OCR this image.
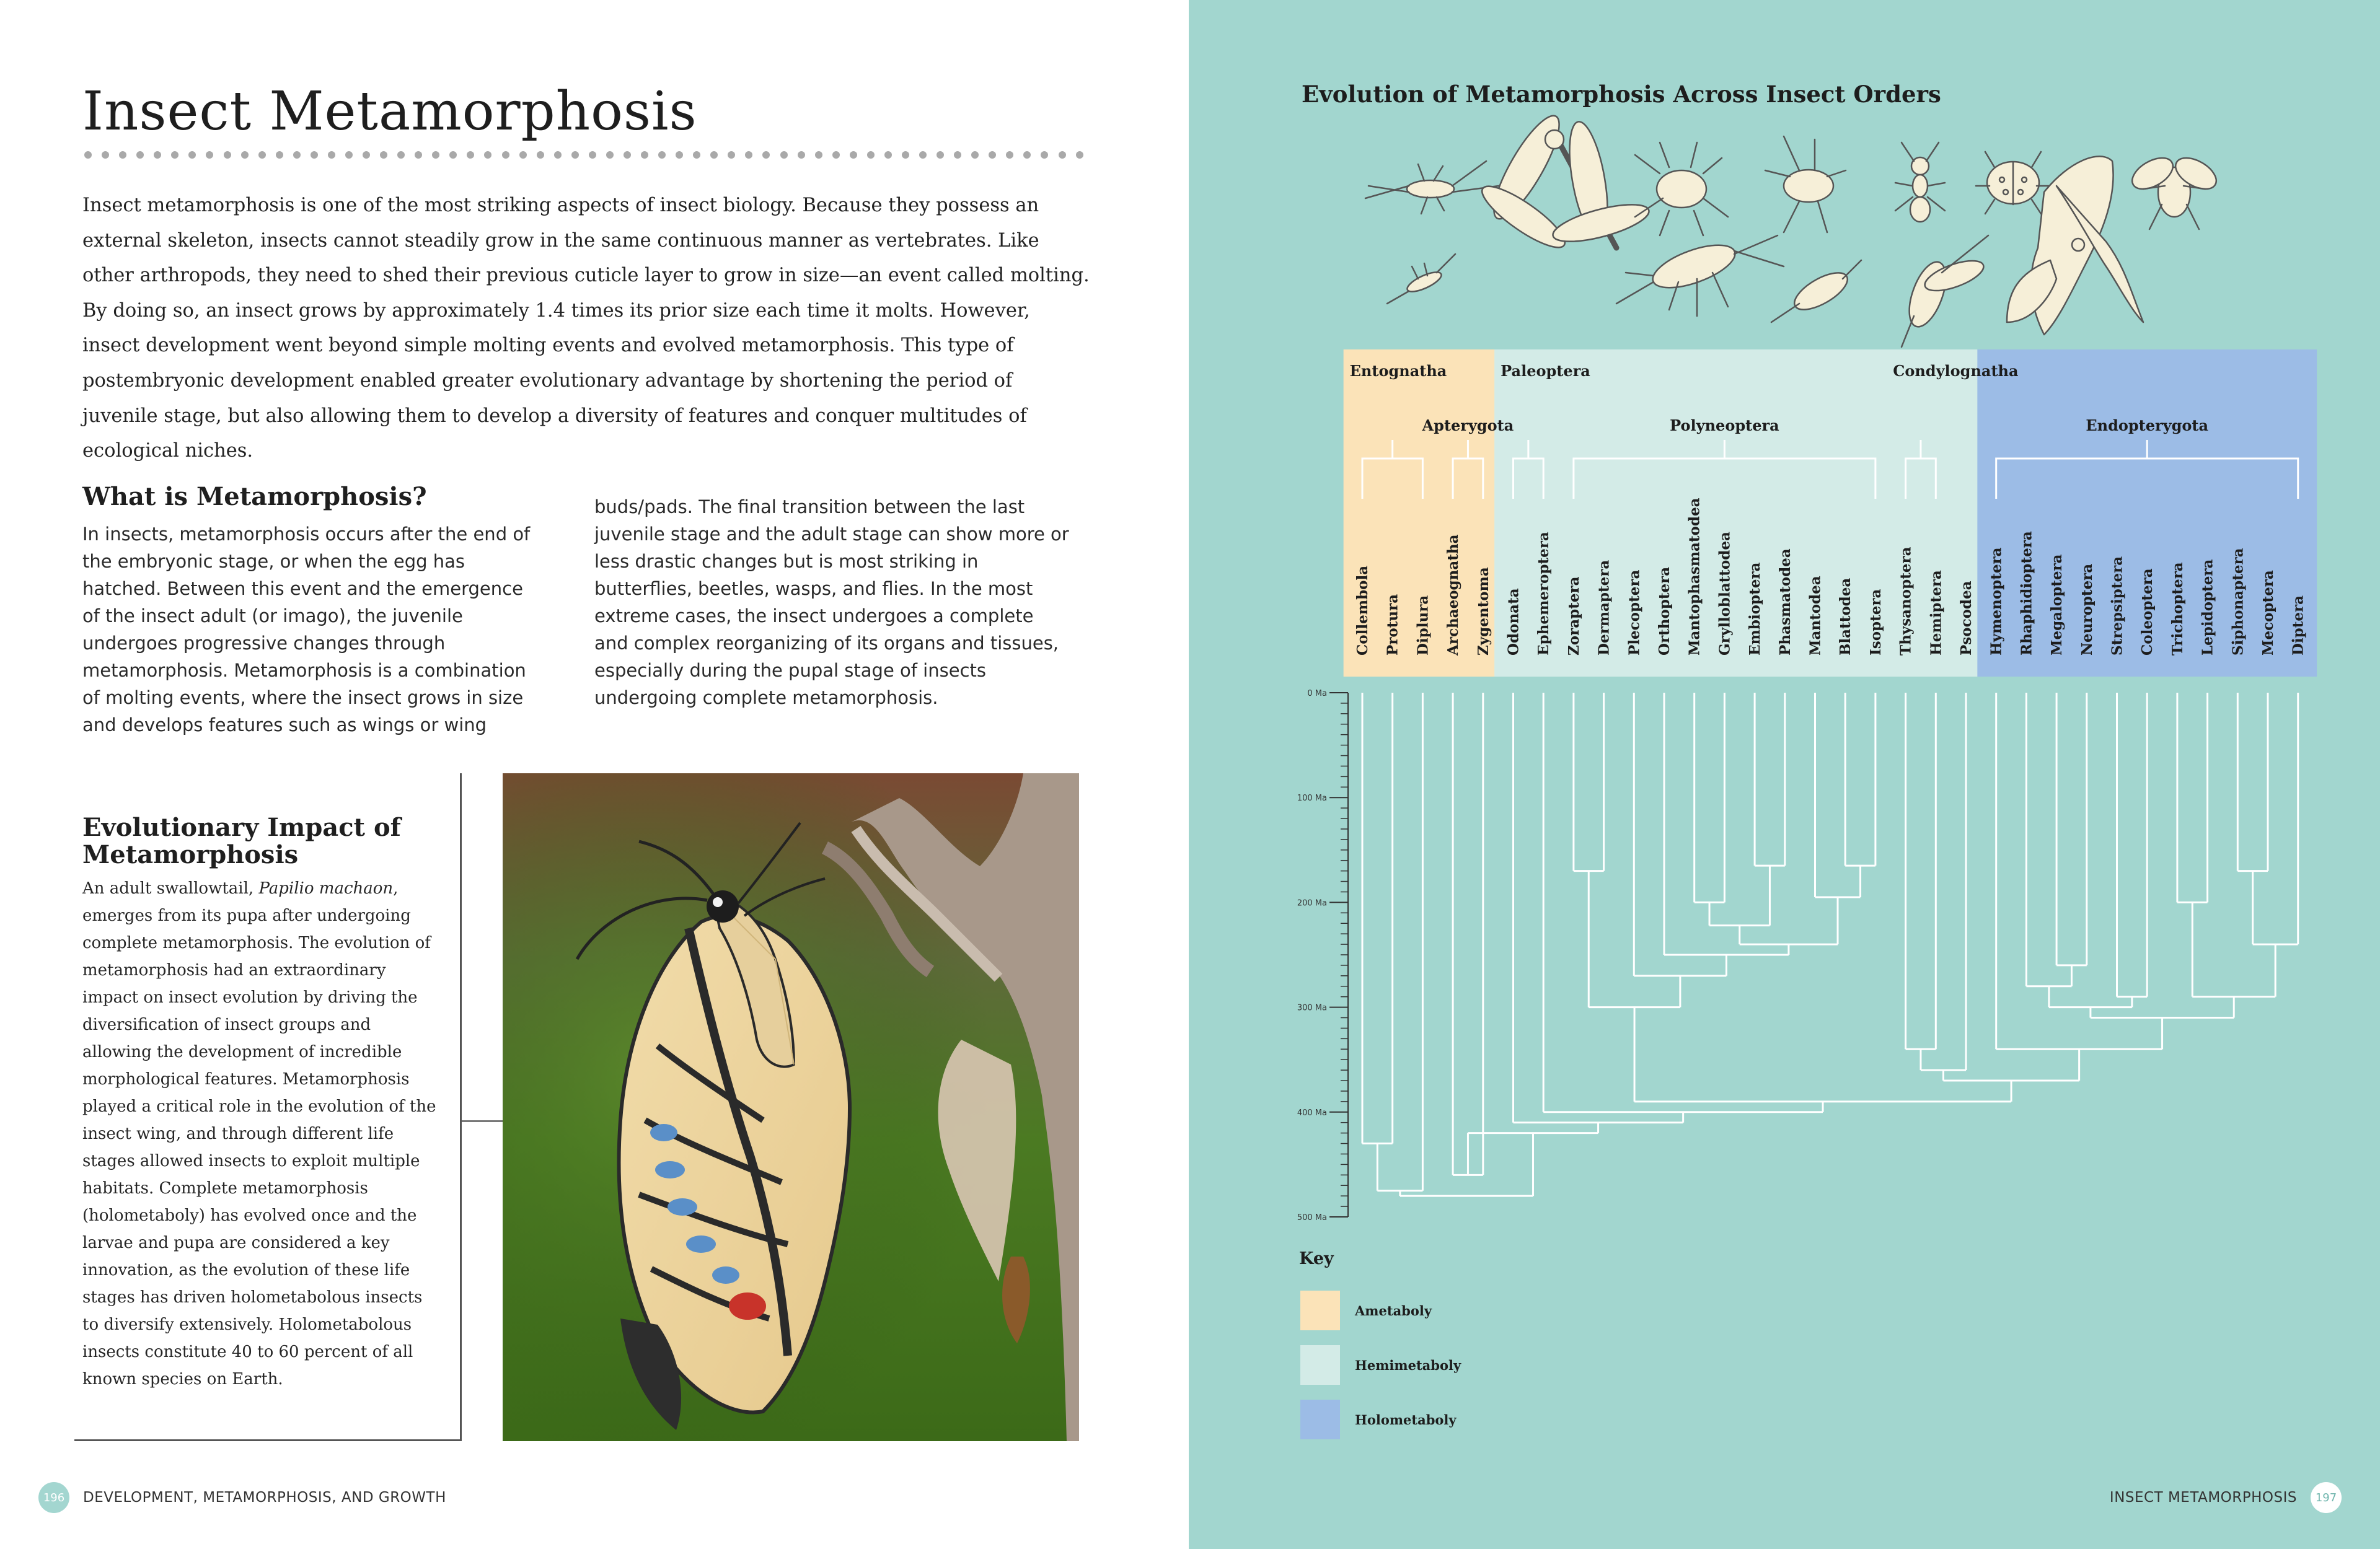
Insect Metamorphosis

Insect metamorphosis is one of the most striking aspects of insect biology. Because they possess an external skeleton, insects cannot steadily grow in the same continuous manner as vertebrates. Like other arthropods, they need to shed their previous cuticle layer to grow in size—an event called molting. By doing so, an insect grows by approximately 1.4 times its prior size each time it molts. However, insect development went beyond simple molting events and evolved metamorphosis. This type of postembryonic development enabled greater evolutionary advantage by shortening the period of juvenile stage, but also allowing them to develop a diversity of features and conquer multitudes of ecological niches.

What is Metamorphosis?

In insects, metamorphosis occurs after the end of the embryonic stage, or when the egg has hatched. Between this event and the emergence of the insect adult (or imago), the juvenile undergoes progressive changes through metamorphosis. Metamorphosis is a combination of molting events, where the insect grows in size and develops features such as wings or wing

buds/pads. The final transition between the last juvenile stage and the adult stage can show more or less drastic changes but is most striking in butterflies, beetles, wasps, and flies. In the most extreme cases, the insect undergoes a complete and complex reorganizing of its organs and tissues, especially during the pupal stage of insects undergoing complete metamorphosis.

Evolutionary Impact of Metamorphosis

An adult swallowtail, Papilio machaon, emerges from its pupa after undergoing complete metamorphosis. The evolution of metamorphosis had an extraordinary impact on insect evolution by driving the diversification of insect groups and allowing the development of incredible morphological features. Metamorphosis played a critical role in the evolution of the insect wing, and through different life stages allowed insects to exploit multiple habitats. Complete metamorphosis (holometaboly) has evolved once and the larvae and pupa are considered a key innovation, as the evolution of these life stages has driven holometabolous insects to diversify extensively. Holometabolous insects constitute 40 to 60 percent of all known species on Earth.

196	DEVELOPMENT, METAMORPHOSIS, AND GROWTH
Evolution of Metamorphosis Across Insect Orders
Entognatha	Paleoptera	Condylognatha
Apterygota	Polyneoptera	Endopterygota
Collembola Protura Diplura Archaeognatha Zygentoma Odonata Ephemeroptera Zoraptera Dermaptera Plecoptera Orthoptera Mantophasmatodea Grylloblattodea Embioptera Phasmatodea Mantodea Blattodea Isoptera Thysanoptera Hemiptera Psocodea Hymenoptera Rhaphidioptera Megaloptera Neuroptera Strepsiptera Coleoptera Trichoptera Lepidoptera Siphonaptera Mecoptera Diptera
0 Ma
100 Ma
200 Ma
300 Ma
400 Ma
500 Ma
Key
Ametaboly
Hemimetaboly
Holometaboly
INSECT METAMORPHOSIS	197
